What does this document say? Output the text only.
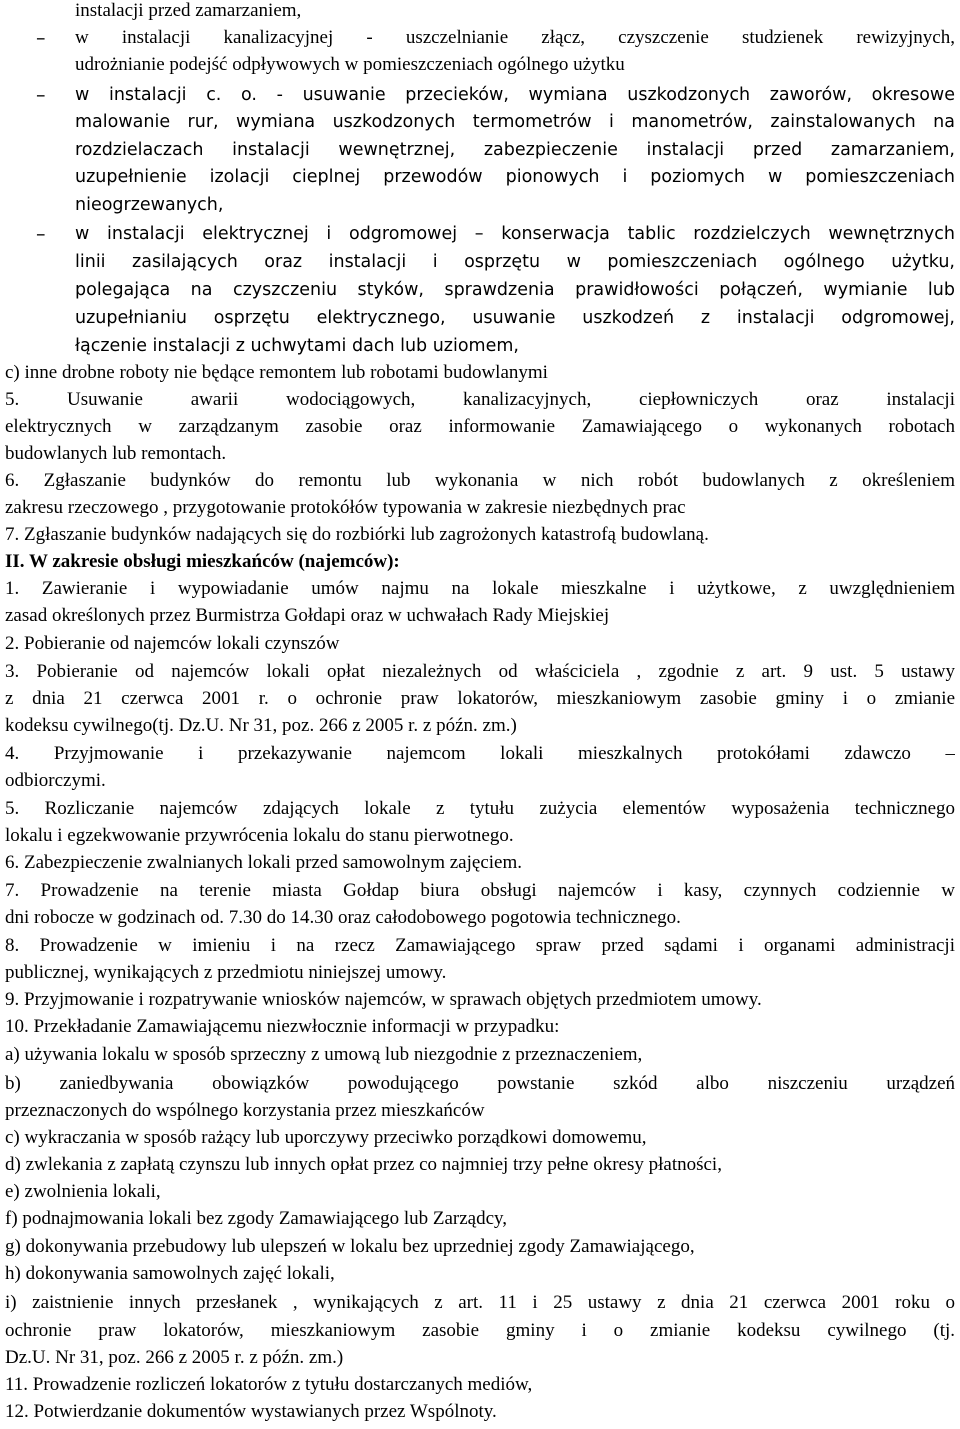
instalacji przed zamarzaniem,
– w instalacji kanalizacyjnej - uszczelnianie złącz, czyszczenie studzienek rewizyjnych,
udrożnianie podejść odpływowych w pomieszczeniach ogólnego użytku
– w instalacji c. o. - usuwanie przecieków, wymiana uszkodzonych zaworów, okresowe
malowanie rur, wymiana uszkodzonych termometrów i manometrów, zainstalowanych na
rozdzielaczach instalacji wewnętrznej, zabezpieczenie instalacji przed zamarzaniem,
uzupełnienie izolacji cieplnej przewodów pionowych i poziomych w pomieszczeniach
nieogrzewanych,
– w instalacji elektrycznej i odgromowej – konserwacja tablic rozdzielczych wewnętrznych
linii zasilających oraz instalacji i osprzętu w pomieszczeniach ogólnego użytku,
polegająca na czyszczeniu styków, sprawdzenia prawidłowości połączeń, wymianie lub
uzupełnianiu osprzętu elektrycznego, usuwanie uszkodzeń z instalacji odgromowej,
łączenie instalacji z uchwytami dach lub uziomem,
c) inne drobne roboty nie będące remontem lub robotami budowlanymi
5. Usuwanie awarii wodociągowych, kanalizacyjnych, ciepłowniczych oraz instalacji
elektrycznych w zarządzanym zasobie oraz informowanie Zamawiającego o wykonanych robotach
budowlanych lub remontach.
6. Zgłaszanie budynków do remontu lub wykonania w nich robót budowlanych z określeniem
zakresu rzeczowego , przygotowanie protokółów typowania w zakresie niezbędnych prac
7. Zgłaszanie budynków nadających się do rozbiórki lub zagrożonych katastrofą budowlaną.
II. W zakresie obsługi mieszkańców (najemców):
1. Zawieranie i wypowiadanie umów najmu na lokale mieszkalne i użytkowe, z uwzględnieniem
zasad określonych przez Burmistrza Gołdapi oraz w uchwałach Rady Miejskiej
2. Pobieranie od najemców lokali czynszów
3. Pobieranie od najemców lokali opłat niezależnych od właściciela , zgodnie z art. 9 ust. 5 ustawy
z dnia 21 czerwca 2001 r. o ochronie praw lokatorów, mieszkaniowym zasobie gminy i o zmianie
kodeksu cywilnego(tj. Dz.U. Nr 31, poz. 266 z 2005 r. z późn. zm.)
4. Przyjmowanie i przekazywanie najemcom lokali mieszkalnych protokółami zdawczo –
odbiorczymi.
5. Rozliczanie najemców zdających lokale z tytułu zużycia elementów wyposażenia technicznego
lokalu i egzekwowanie przywrócenia lokalu do stanu pierwotnego.
6. Zabezpieczenie zwalnianych lokali przed samowolnym zajęciem.
7. Prowadzenie na terenie miasta Gołdap biura obsługi najemców i kasy, czynnych codziennie w
dni robocze w godzinach od. 7.30 do 14.30 oraz całodobowego pogotowia technicznego.
8. Prowadzenie w imieniu i na rzecz Zamawiającego spraw przed sądami i organami administracji
publicznej, wynikających z przedmiotu niniejszej umowy.
9. Przyjmowanie i rozpatrywanie wniosków najemców, w sprawach objętych przedmiotem umowy.
10. Przekładanie Zamawiającemu niezwłocznie informacji w przypadku:
a) używania lokalu w sposób sprzeczny z umową lub niezgodnie z przeznaczeniem,
b) zaniedbywania obowiązków powodującego powstanie szkód albo niszczeniu urządzeń
przeznaczonych do wspólnego korzystania przez mieszkańców
c) wykraczania w sposób rażący lub uporczywy przeciwko porządkowi domowemu,
d) zwlekania z zapłatą czynszu lub innych opłat przez co najmniej trzy pełne okresy płatności,
e) zwolnienia lokali,
f) podnajmowania lokali bez zgody Zamawiającego lub Zarządcy,
g) dokonywania przebudowy lub ulepszeń w lokalu bez uprzedniej zgody Zamawiającego,
h) dokonywania samowolnych zajęć lokali,
i) zaistnienie innych przesłanek , wynikających z art. 11 i 25 ustawy z dnia 21 czerwca 2001 roku o
ochronie praw lokatorów, mieszkaniowym zasobie gminy i o zmianie kodeksu cywilnego (tj.
Dz.U. Nr 31, poz. 266 z 2005 r. z późn. zm.)
11. Prowadzenie rozliczeń lokatorów z tytułu dostarczanych mediów,
12. Potwierdzanie dokumentów wystawianych przez Wspólnoty.
